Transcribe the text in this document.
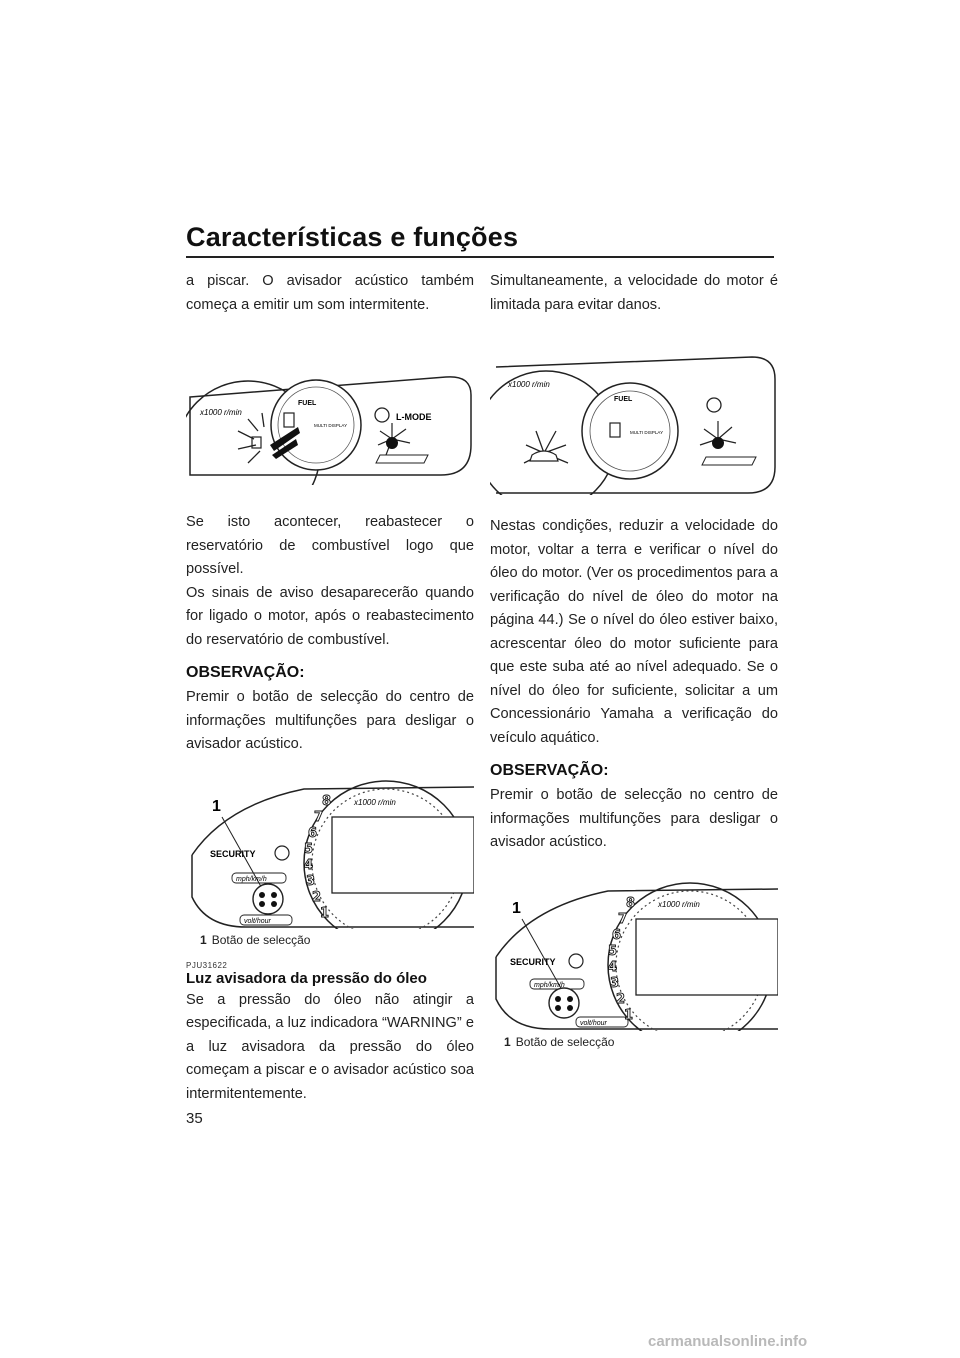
Características e funções

a piscar. O avisador acústico também começa a emitir um som intermitente.

x1000 r/min
FUEL
MULTI DISPLAY
L-MODE

Se isto acontecer, reabastecer o reservatório de combustível logo que possível.

Os sinais de aviso desaparecerão quando for ligado o motor, após o reabastecimento do reservatório de combustível.

OBSERVAÇÃO:

Premir o botão de selecção do centro de informações multifunções para desligar o avisador acústico.

1
SECURITY
mph/km/h
volt/hour
x1000 r/min
8
7
6
5
4
3
2
1
1 Botão de selecção
PJU31622
Luz avisadora da pressão do óleo

Se a pressão do óleo não atingir a especificada, a luz indicadora “WARNING” e a luz avisadora da pressão do óleo começam a piscar e o avisador acústico soa intermitentemente.

Simultaneamente, a velocidade do motor é limitada para evitar danos.

x1000 r/min
FUEL
MULTI DISPLAY

Nestas condições, reduzir a velocidade do motor, voltar a terra e verificar o nível do óleo do motor. (Ver os procedimentos para a verificação do nível de óleo do motor na página 44.) Se o nível do óleo estiver baixo, acrescentar óleo do motor suficiente para que este suba até ao nível adequado. Se o nível do óleo for suficiente, solicitar a um Concessionário Yamaha a verificação do veículo aquático.

OBSERVAÇÃO:

Premir o botão de selecção no centro de informações multifunções para desligar o avisador acústico.

1
SECURITY
mph/km/h
volt/hour
x1000 r/min
8
7
6
5
4
3
2
1
1 Botão de selecção
35
carmanualsonline.info
